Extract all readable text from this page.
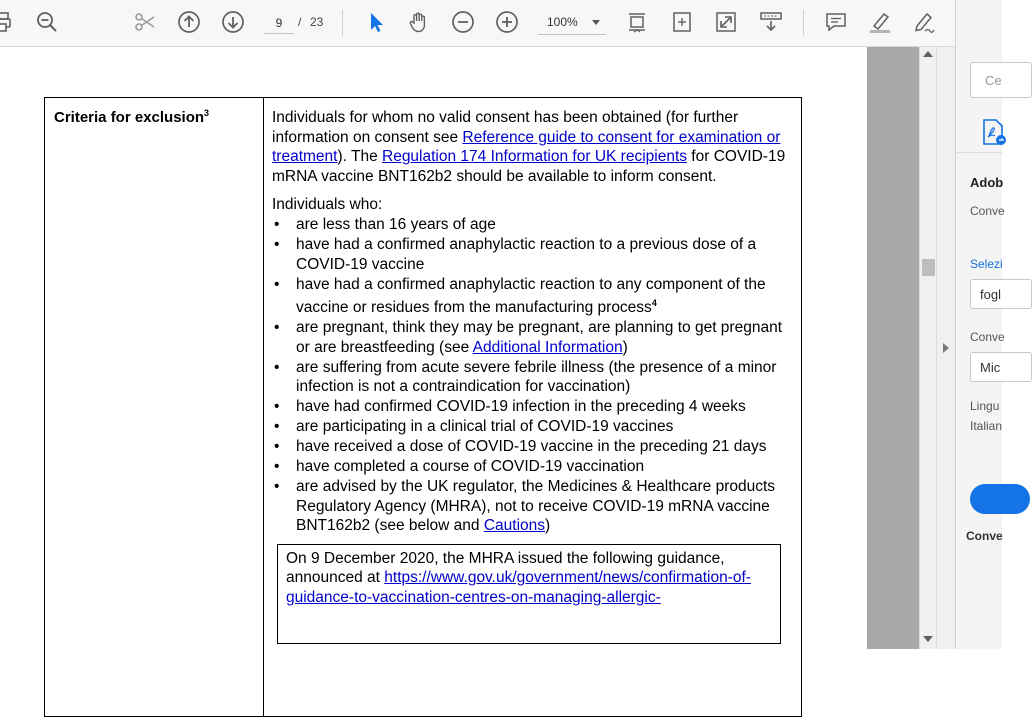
9
/ 23	100%
Criteria for exclusion$^3$	Individuals for whom no valid consent has been obtained (for further information on consent see Reference guide to consent for examination or treatment). The Regulation 174 Information for UK recipients for COVID-19 mRNA vaccine BNT162b2 should be available to inform consent.

Individuals who:

• are less than 16 years of age
• have had a confirmed anaphylactic reaction to a previous dose of a COVID-19 vaccine
• have had a confirmed anaphylactic reaction to any component of the vaccine or residues from the manufacturing process$^4$
• are pregnant, think they may be pregnant, are planning to get pregnant or are breastfeeding (see Additional Information)
• are suffering from acute severe febrile illness (the presence of a minor infection is not a contraindication for vaccination)
• have had confirmed COVID-19 infection in the preceding 4 weeks
• are participating in a clinical trial of COVID-19 vaccines
• have received a dose of COVID-19 vaccine in the preceding 21 days
• have completed a course of COVID-19 vaccination
• are advised by the UK regulator, the Medicines & Healthcare products Regulatory Agency (MHRA), not to receive COVID-19 mRNA vaccine BNT162b2 (see below and Cautions)
On 9 December 2020, the MHRA issued the following guidance, announced at https://www.gov.uk/government/news/confirmation-of-guidance-to-vaccination-centres-on-managing-allergic-
Ce
Adob
Conve
Selezi
fogl
Conve
Mic
Lingu
Italian
Conve
